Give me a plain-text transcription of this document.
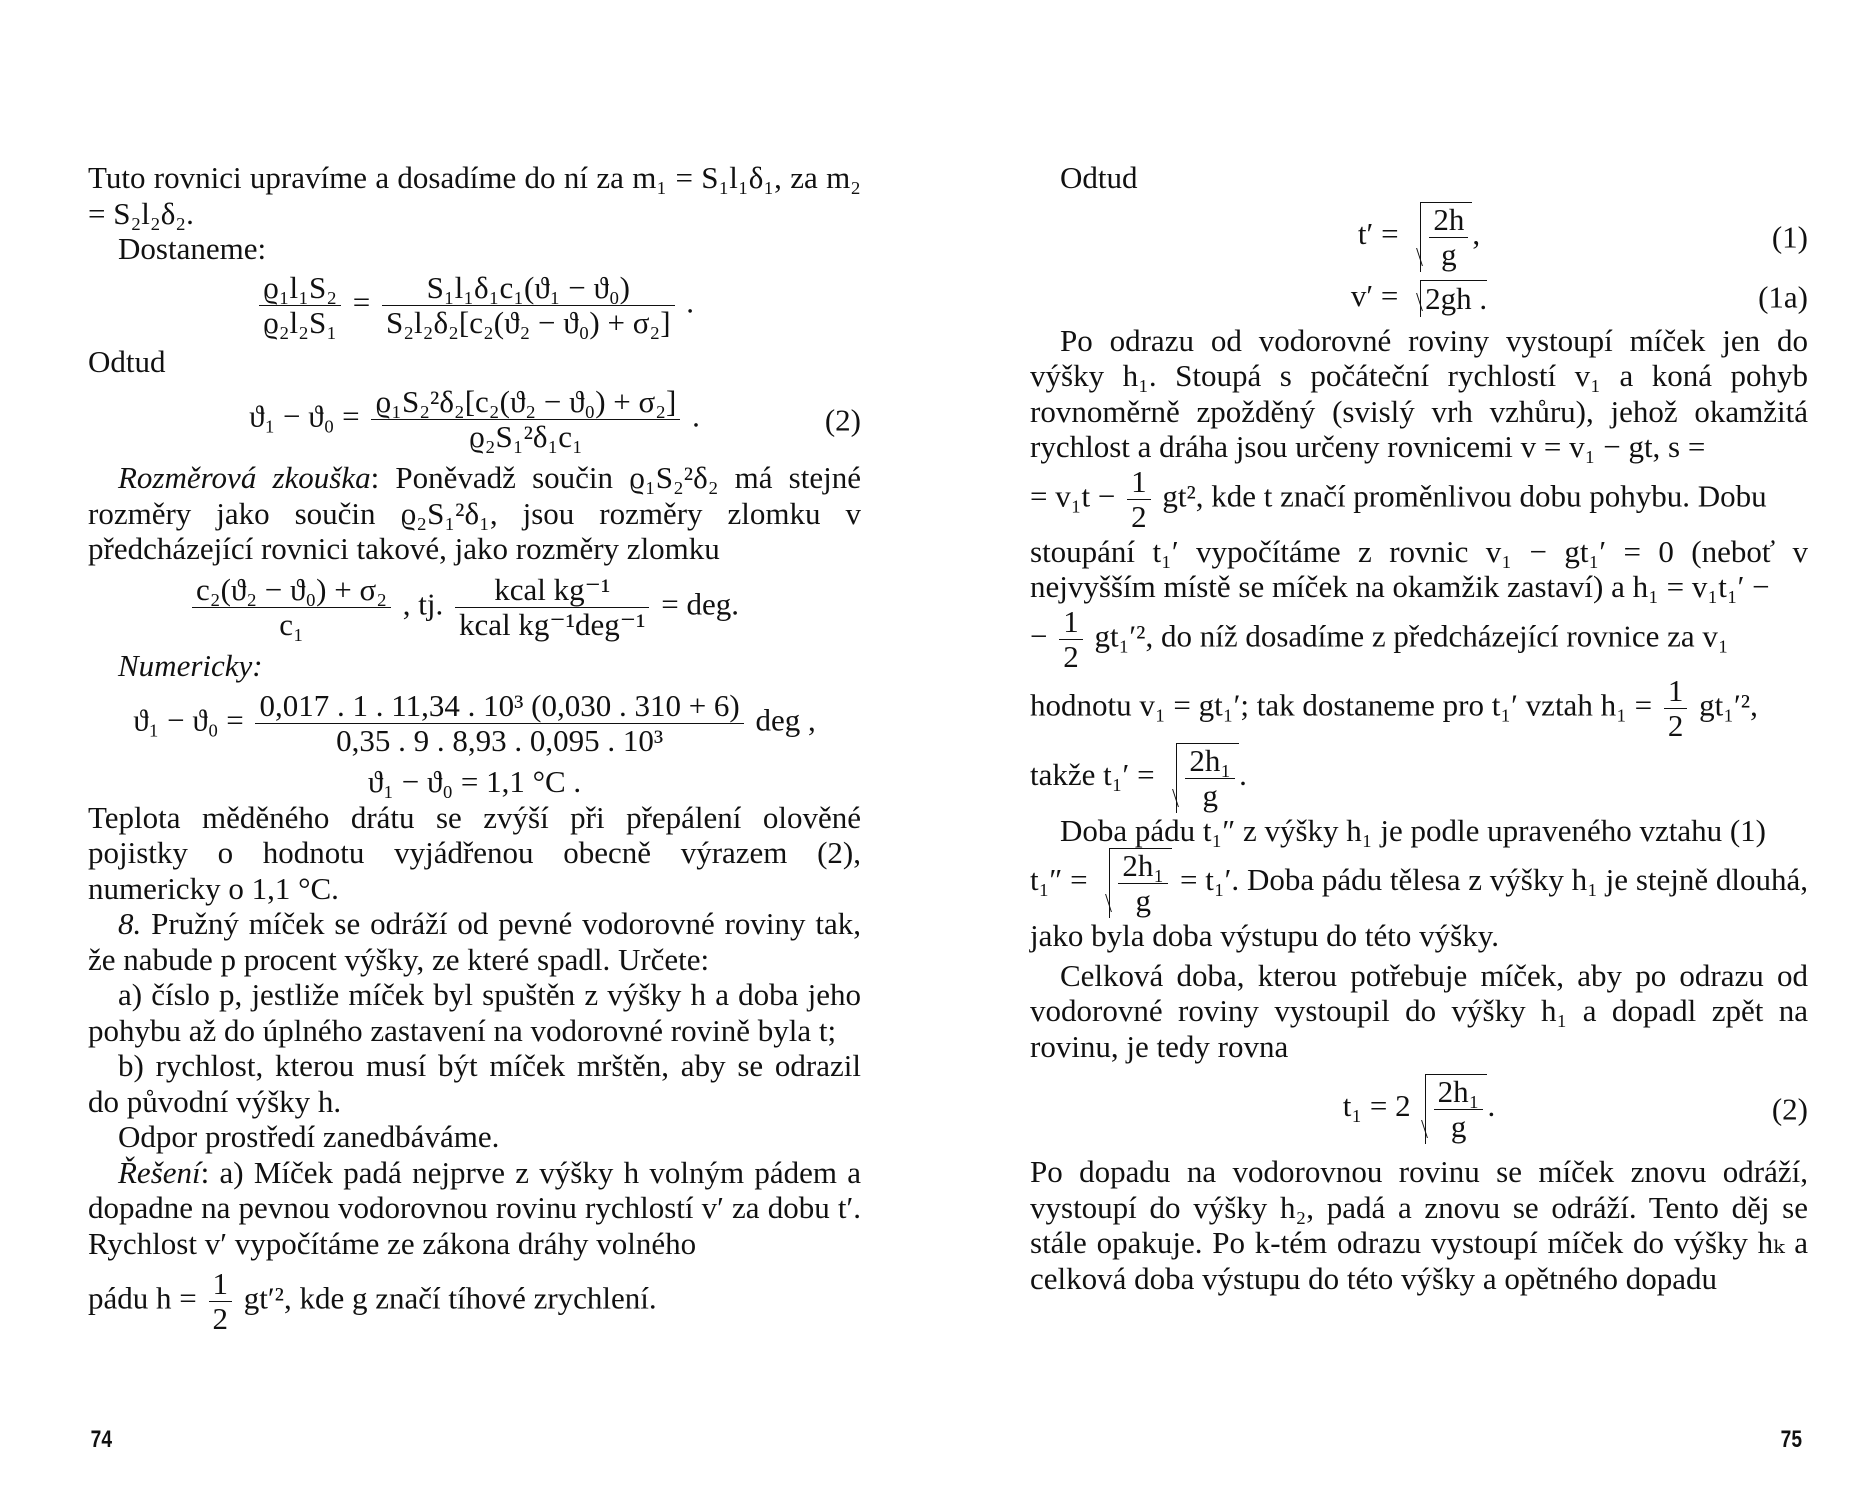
Tuto rovnici upravíme a dosadíme do ní za m₁ = S₁l₁δ₁, za m₂ = S₂l₂δ₂.

Dostaneme:

$\frac{\text{ϱ₁l₁S₂}}{\text{ϱ₂l₂S₁}} = \frac{\text{S₁l₁δ₁c₁(ϑ₁ − ϑ₀)}}{\text{S₂l₂δ₂[c₂(ϑ₂ − ϑ₀) + σ₂]}}$ .

Odtud

$ϑ_1 - ϑ_0 = \frac{\text{ϱ₁S₂²δ₂[c₂(ϑ₂ − ϑ₀) + σ₂]}}{\text{ϱ₂S₁²δ₁c₁}}$ .	(2)

Rozměrová zkouška: Poněvadž součin ϱ₁S₂²δ₂ má stejné rozměry jako součin ϱ₂S₁²δ₁, jsou rozměry zlomku v předcházející rovnici takové, jako rozměry zlomku

$\frac{\text{c₂(ϑ₂ − ϑ₀) + σ₂}}{\text{c₁}}$ , tj. $\frac{\text{kcal kg⁻¹}}{\text{kcal kg⁻¹deg⁻¹}}$ = deg.

Numericky:

$ϑ_1 - ϑ_0 = \frac{\text{0,017 . 1 . 11,34 . 10³ (0,030 . 310 + 6)}}{\text{0,35 . 9 . 8,93 . 0,095 . 10³}}$ deg ,

ϑ₁ − ϑ₀ = 1,1 °C .

Teplota měděného drátu se zvýší při přepálení olověné pojistky o hodnotu vyjádřenou obecně výrazem (2), numericky o 1,1 °C.

8. Pružný míček se odráží od pevné vodorovné roviny tak, že nabude p procent výšky, ze které spadl. Určete:

a) číslo p, jestliže míček byl spuštěn z výšky h a doba jeho pohybu až do úplného zastavení na vodorovné rovině byla t;

b) rychlost, kterou musí být míček mrštěn, aby se odrazil do původní výšky h.

Odpor prostředí zanedbáváme.

Řešení: a) Míček padá nejprve z výšky h volným pádem a dopadne na pevnou vodorovnou rovinu rychlostí v′ za dobu t′. Rychlost v′ vypočítáme ze zákona dráhy volného

pádu $h = \frac{1}{2} gt'^2$, kde g značí tíhové zrychlení.

74

Odtud

$t' = \frac{2h}{g}$ ,	(1)
v′ = 2gh .	(1a)

Po odrazu od vodorovné roviny vystoupí míček jen do výšky h₁. Stoupá s počáteční rychlostí v₁ a koná pohyb rovnoměrně zpožděný (svislý vrh vzhůru), jehož okamžitá rychlost a dráha jsou určeny rovnicemi v = v₁ − gt, s =

= $v_1t - \frac{1}{2} gt^2$, kde t značí proměnlivou dobu pohybu. Dobu

stoupání t₁′ vypočítáme z rovnic v₁ − gt₁′ = 0 (neboť v nejvyšším místě se míček na okamžik zastaví) a h₁ = v₁t₁′ −

− $\frac{1}{2} gt_1'^2$, do níž dosadíme z předcházející rovnice za v₁

hodnotu v₁ = gt₁′; tak dostaneme pro t₁′ vztah $h_1 = \frac{1}{2} gt_1'^2$,

takže $t_1' = \frac{\text{2h₁}}{g}$ .

Doba pádu t₁″ z výšky h₁ je podle upraveného vztahu (1)

$t_1'' = \frac{\text{2h₁}}{g} = t_1'$. Doba pádu tělesa z výšky h₁ je stejně dlouhá, jako byla doba výstupu do této výšky.

Celková doba, kterou potřebuje míček, aby po odrazu od vodorovné roviny vystoupil do výšky h₁ a dopadl zpět na rovinu, je tedy rovna

$t_1 = 2 \frac{\text{2h₁}}{g}$ .	(2)

Po dopadu na vodorovnou rovinu se míček znovu odráží, vystoupí do výšky h₂, padá a znovu se odráží. Tento děj se stále opakuje. Po k-tém odrazu vystoupí míček do výšky hₖ a celková doba výstupu do této výšky a opětného dopadu

75
